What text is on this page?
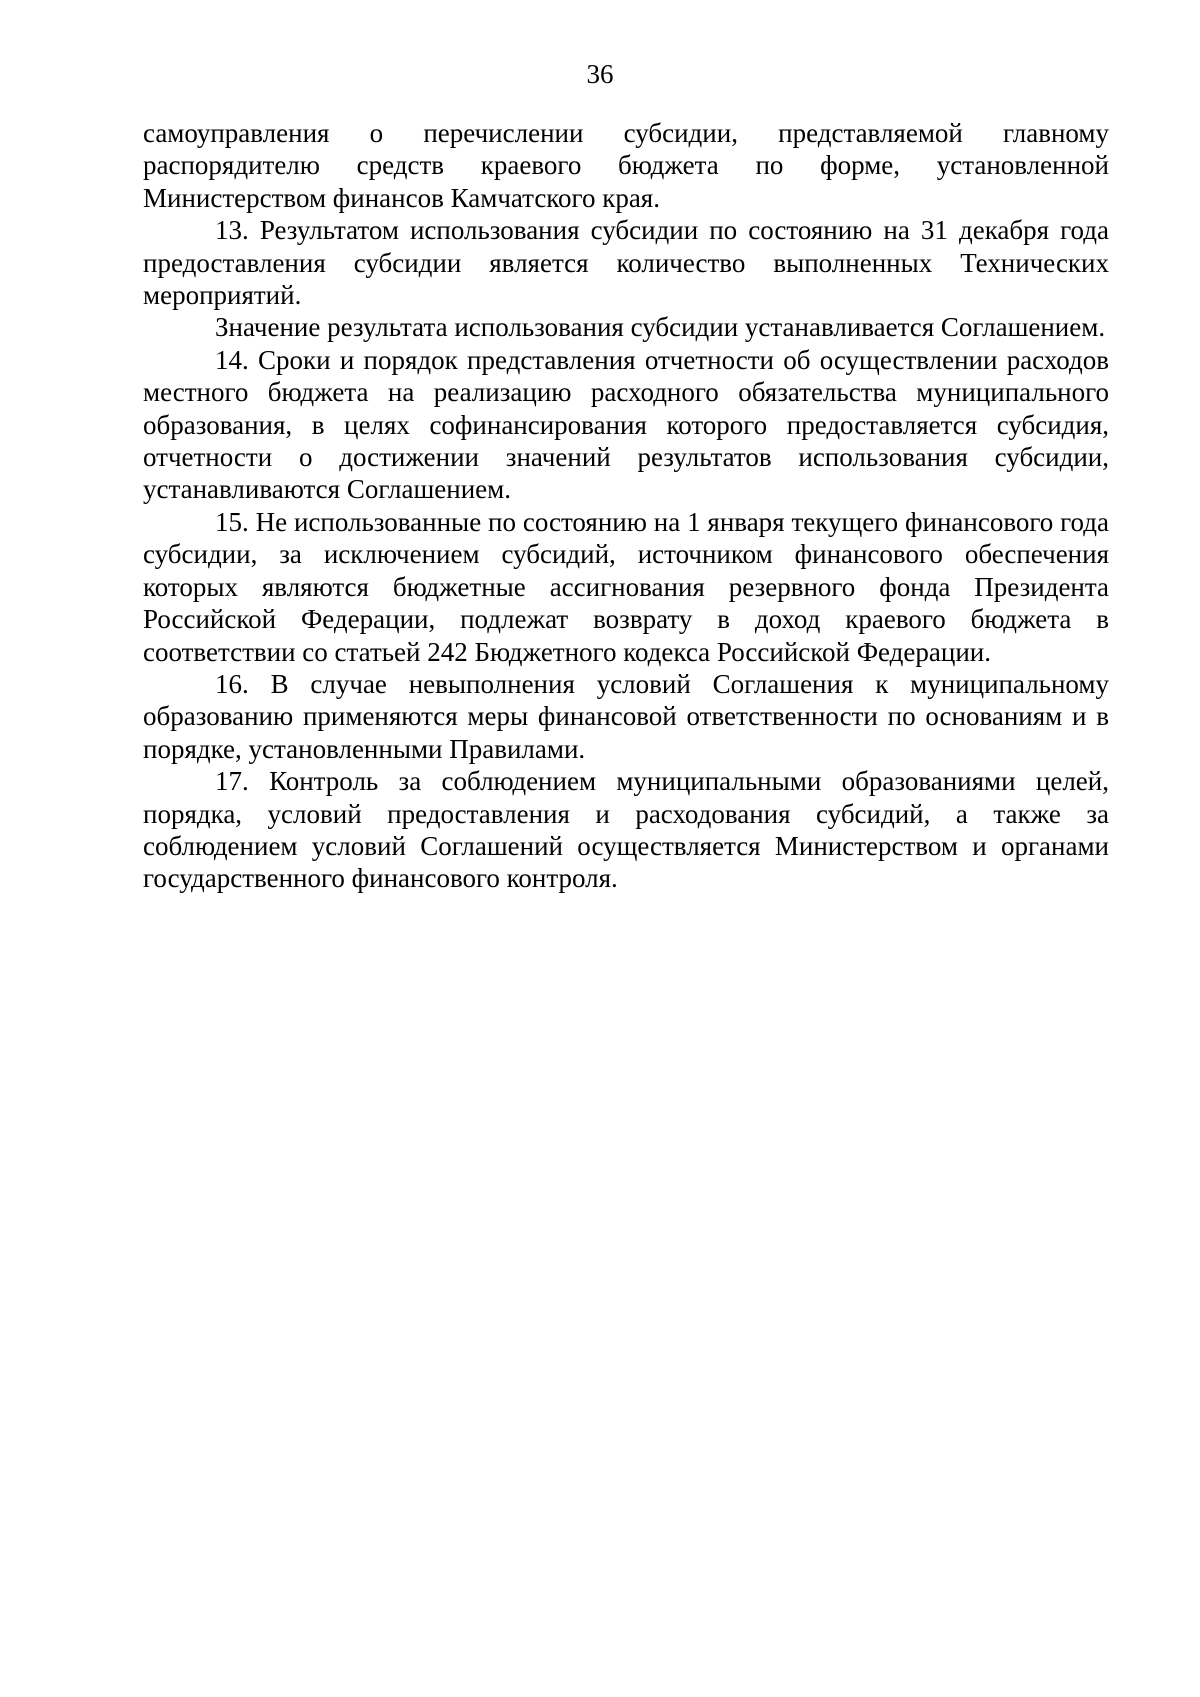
36

самоуправления о перечислении субсидии, представляемой главному распорядителю средств краевого бюджета по форме, установленной Министерством финансов Камчатского края.

13. Результатом использования субсидии по состоянию на 31 декабря года предоставления субсидии является количество выполненных Технических мероприятий.

Значение результата использования субсидии устанавливается Соглашением.

14. Сроки и порядок представления отчетности об осуществлении расходов местного бюджета на реализацию расходного обязательства муниципального образования, в целях софинансирования которого предоставляется субсидия, отчетности о достижении значений результатов использования субсидии, устанавливаются Соглашением.

15. Не использованные по состоянию на 1 января текущего финансового года субсидии, за исключением субсидий, источником финансового обеспечения которых являются бюджетные ассигнования резервного фонда Президента Российской Федерации, подлежат возврату в доход краевого бюджета в соответствии со статьей 242 Бюджетного кодекса Российской Федерации.

16. В случае невыполнения условий Соглашения к муниципальному образованию применяются меры финансовой ответственности по основаниям и в порядке, установленными Правилами.

17. Контроль за соблюдением муниципальными образованиями целей, порядка, условий предоставления и расходования субсидий, а также за соблюдением условий Соглашений осуществляется Министерством и органами государственного финансового контроля.
